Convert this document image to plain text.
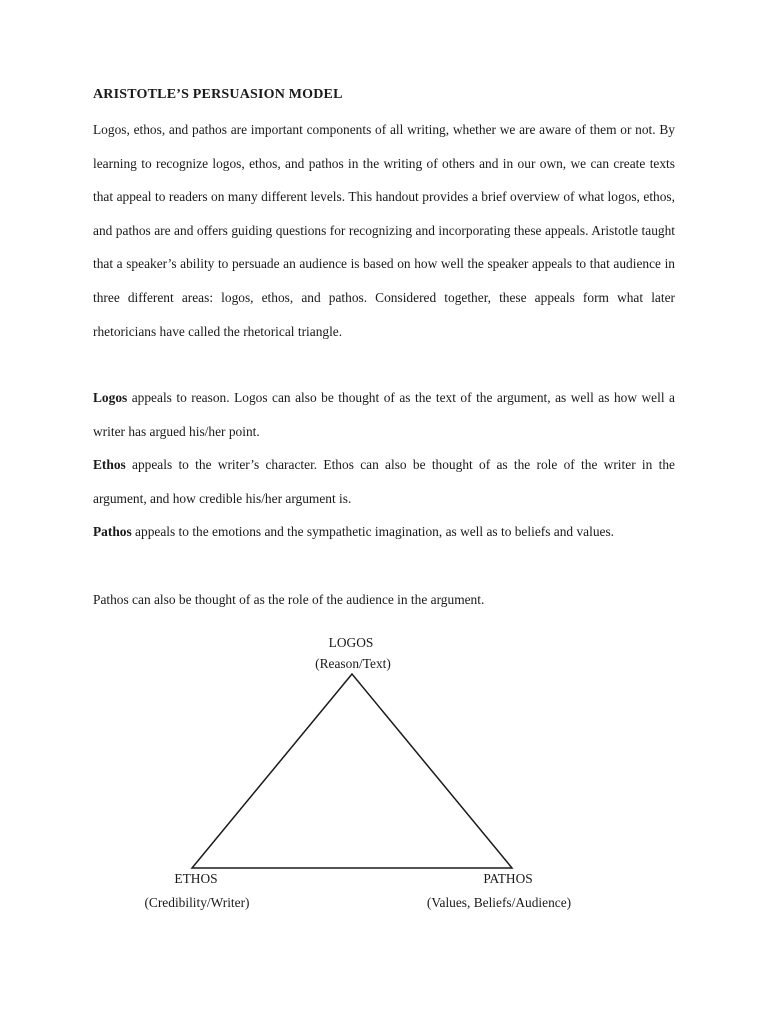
ARISTOTLE’S PERSUASION MODEL

Logos, ethos, and pathos are important components of all writing, whether we are aware of them or not. By learning to recognize logos, ethos, and pathos in the writing of others and in our own, we can create texts that appeal to readers on many different levels. This handout provides a brief overview of what logos, ethos, and pathos are and offers guiding questions for recognizing and incorporating these appeals. Aristotle taught that a speaker’s ability to persuade an audience is based on how well the speaker appeals to that audience in three different areas: logos, ethos, and pathos. Considered together, these appeals form what later rhetoricians have called the rhetorical triangle.

Logos appeals to reason. Logos can also be thought of as the text of the argument, as well as how well a writer has argued his/her point.

Ethos appeals to the writer’s character. Ethos can also be thought of as the role of the writer in the argument, and how credible his/her argument is.

Pathos appeals to the emotions and the sympathetic imagination, as well as to beliefs and values.

Pathos can also be thought of as the role of the audience in the argument.

LOGOS
(Reason/Text)
ETHOS
(Credibility/Writer)
PATHOS
(Values, Beliefs/Audience)
